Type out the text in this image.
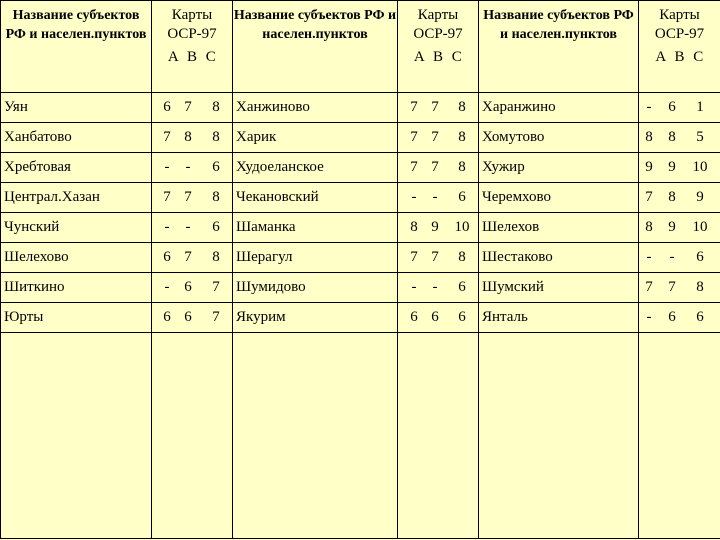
Название субъектов РФ и населен.пунктов	Карты ОСР-97
А В С	Название субъектов РФ и населен.пунктов	Карты ОСР-97
А В С	Название субъектов РФ и населен.пунктов	Карты ОСР-97
А В С

Уян	6 7 8	Ханжиново	7 7 8	Харанжино	- 6 1
Ханбатово	7 8 8	Харик	7 7 8	Хомутово	8 8 5
Хребтовая	- - 6	Худоеланское	7 7 8	Хужир	9 9 10
Централ.Хазан	7 7 8	Чекановский	- - 6	Черемхово	7 8 9
Чунский	- - 6	Шаманка	8 9 10	Шелехов	8 9 10
Шелехово	6 7 8	Шерагул	7 7 8	Шестаково	- - 6
Шиткино	- 6 7	Шумидово	- - 6	Шумский	7 7 8
Юрты	6 6 7	Якурим	6 6 6	Янталь	- 6 6
